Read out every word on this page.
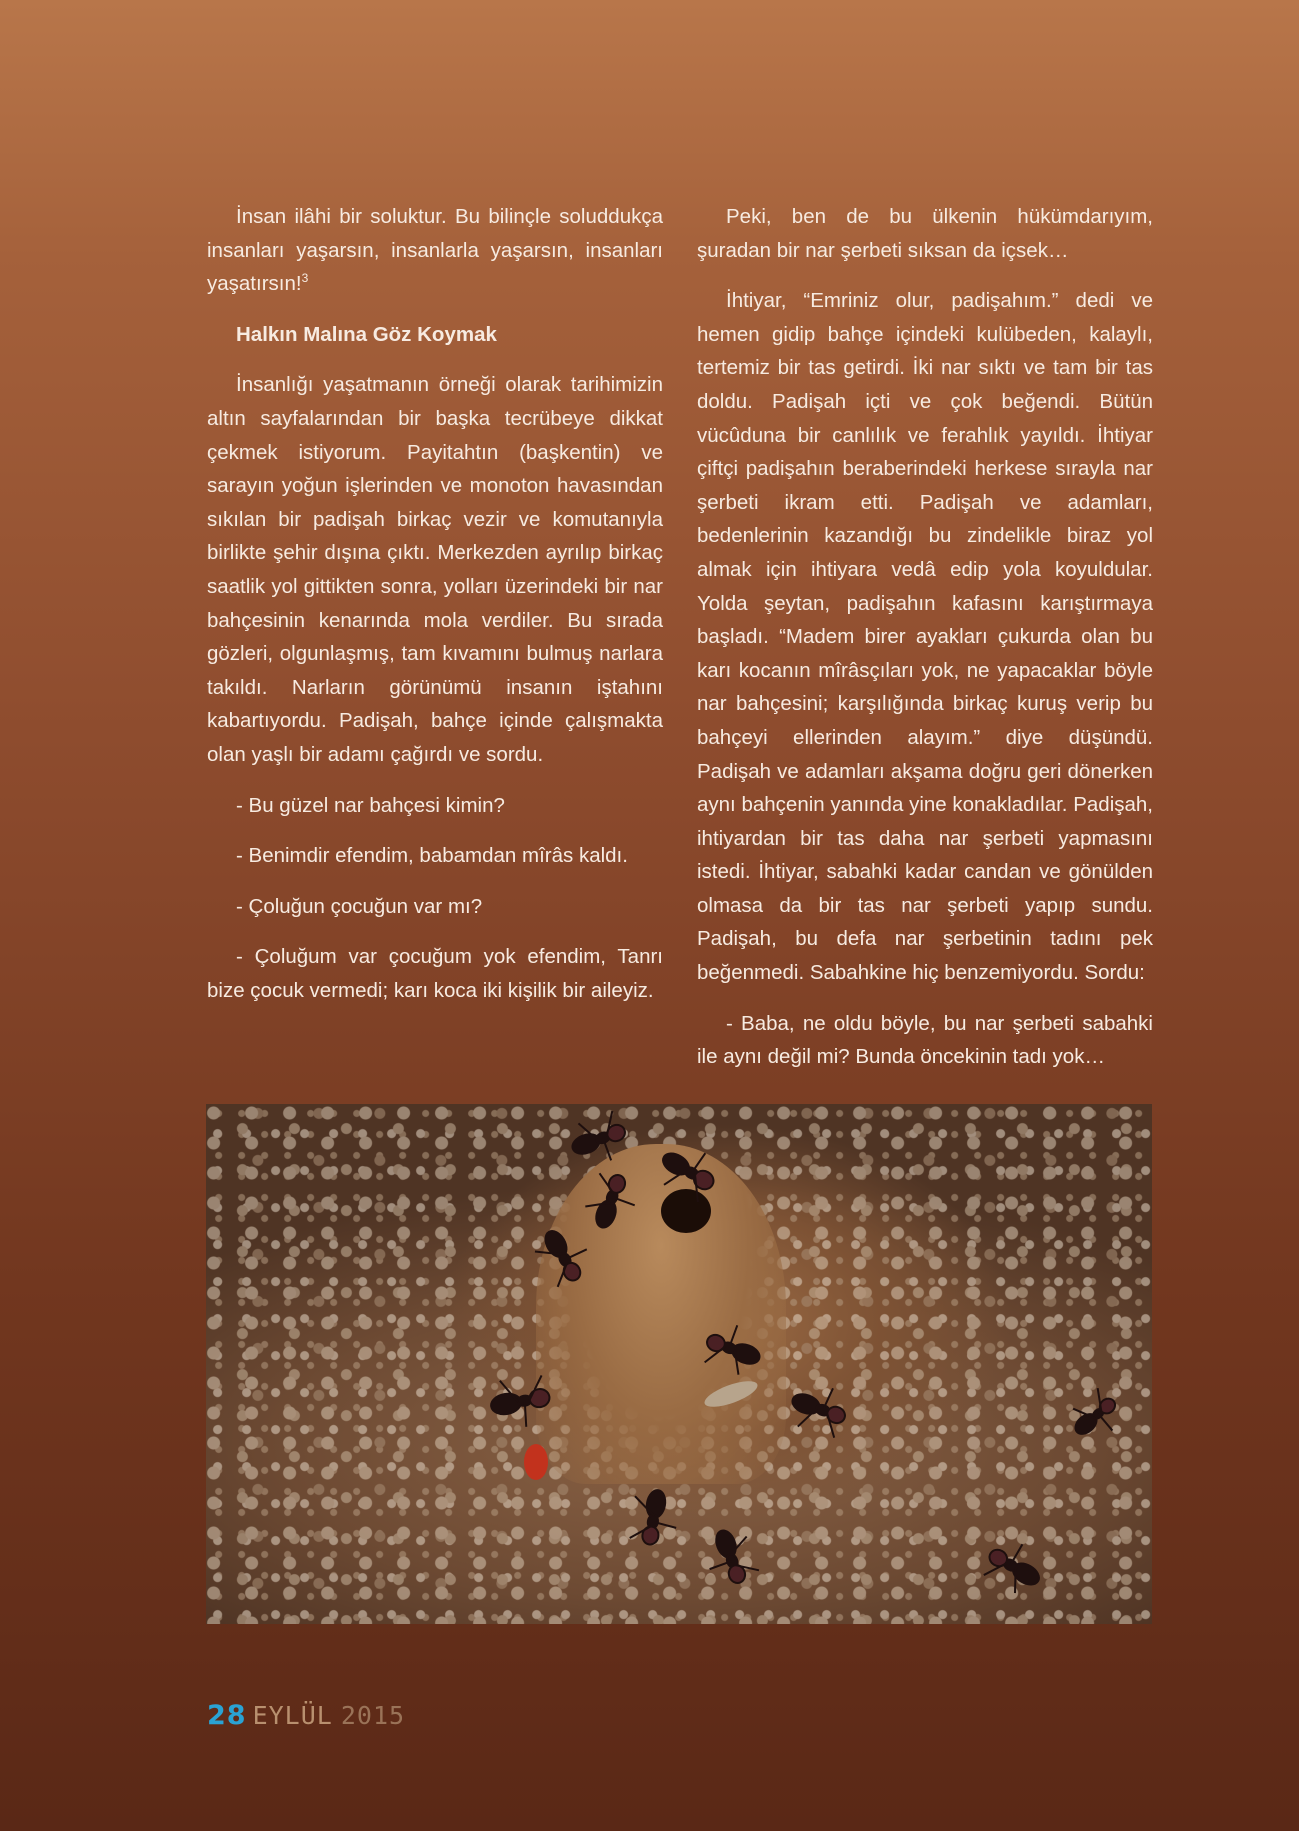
İnsan ilâhi bir soluktur. Bu bilinçle soluddukça insanları yaşarsın, insanlarla yaşarsın, insanları yaşatırsın!$^3$

Halkın Malına Göz Koymak

İnsanlığı yaşatmanın örneği olarak tarihimizin altın sayfalarından bir başka tecrübeye dikkat çekmek istiyorum. Payitahtın (başkentin) ve sarayın yoğun işlerinden ve monoton havasından sıkılan bir padişah birkaç vezir ve komutanıyla birlikte şehir dışına çıktı. Merkezden ayrılıp birkaç saatlik yol gittikten sonra, yolları üzerindeki bir nar bahçesinin kenarında mola verdiler. Bu sırada gözleri, olgunlaşmış, tam kıvamını bulmuş narlara takıldı. Narların görünümü insanın iştahını kabartıyordu. Padişah, bahçe içinde çalışmakta olan yaşlı bir adamı çağırdı ve sordu.

- Bu güzel nar bahçesi kimin?

- Benimdir efendim, babamdan mîrâs kaldı.

- Çoluğun çocuğun var mı?

- Çoluğum var çocuğum yok efendim, Tanrı bize çocuk vermedi; karı koca iki kişilik bir aileyiz.

Peki, ben de bu ülkenin hükümdarıyım, şuradan bir nar şerbeti sıksan da içsek…

İhtiyar, “Emriniz olur, padişahım.” dedi ve hemen gidip bahçe içindeki kulübeden, kalaylı, tertemiz bir tas getirdi. İki nar sıktı ve tam bir tas doldu. Padişah içti ve çok beğendi. Bütün vücûduna bir canlılık ve ferahlık yayıldı. İhtiyar çiftçi padişahın beraberindeki herkese sırayla nar şerbeti ikram etti. Padişah ve adamları, bedenlerinin kazandığı bu zindelikle biraz yol almak için ihtiyara vedâ edip yola koyuldular. Yolda şeytan, padişahın kafasını karıştırmaya başladı. “Madem birer ayakları çukurda olan bu karı kocanın mîrâsçıları yok, ne yapacaklar böyle nar bahçesini; karşılığında birkaç kuruş verip bu bahçeyi ellerinden alayım.” diye düşündü. Padişah ve adamları akşama doğru geri dönerken aynı bahçenin yanında yine konakladılar. Padişah, ihtiyardan bir tas daha nar şerbeti yapmasını istedi. İhtiyar, sabahki kadar candan ve gönülden olmasa da bir tas nar şerbeti yapıp sundu. Padişah, bu defa nar şerbetinin tadını pek beğenmedi. Sabahkine hiç benzemiyordu. Sordu:

- Baba, ne oldu böyle, bu nar şerbeti sabahki ile aynı değil mi? Bunda öncekinin tadı yok…

28 EYLÜL 2015
